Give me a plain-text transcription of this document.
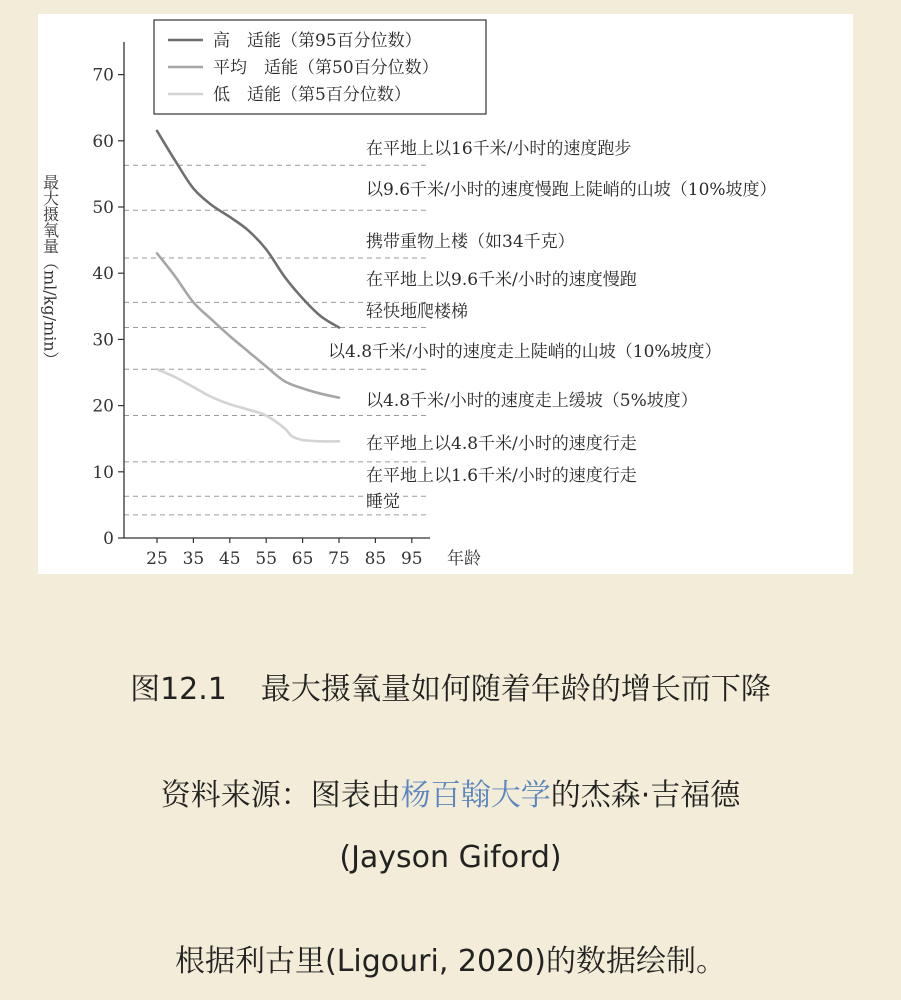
0
10
20
30
40
50
60
70
25 35 45 55 65 75 85 95 年龄
最大摄氧量（ml/kg/min）
在平地上以16千米/小时的速度跑步
以9.6千米/小时的速度慢跑上陡峭的山坡（10%坡度）
携带重物上楼（如34千克）
在平地上以9.6千米/小时的速度慢跑
轻快地爬楼梯
以4.8千米/小时的速度走上陡峭的山坡（10%坡度）
以4.8千米/小时的速度走上缓坡（5%坡度）
在平地上以4.8千米/小时的速度行走
在平地上以1.6千米/小时的速度行走
睡觉
高　适能（第95百分位数）
平均　适能（第50百分位数）
低　适能（第5百分位数）
图12.1 最大摄氧量如何随着年龄的增长而下降
资料来源：图表由杨百翰大学的杰森·吉福德
(Jayson Giford)
根据利古里(Ligouri, 2020)的数据绘制。
